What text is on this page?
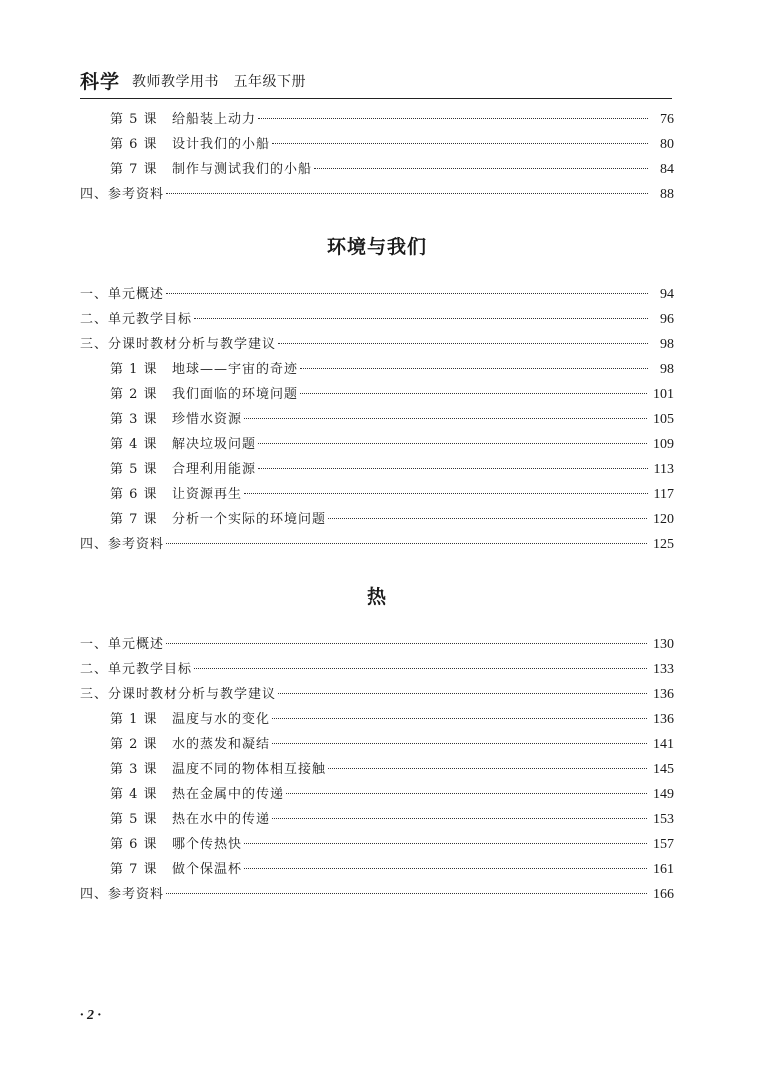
科学 教师教学用书　五年级下册
第 5 课	给船装上动力	76
第 6 课	设计我们的小船	80
第 7 课	制作与测试我们的小船	84
四、参考资料	88
环境与我们
一、单元概述	94
二、单元教学目标	96
三、分课时教材分析与教学建议	98
第 1 课	地球——宇宙的奇迹	98
第 2 课	我们面临的环境问题	101
第 3 课	珍惜水资源	105
第 4 课	解决垃圾问题	109
第 5 课	合理利用能源	113
第 6 课	让资源再生	117
第 7 课	分析一个实际的环境问题	120
四、参考资料	125
热
一、单元概述	130
二、单元教学目标	133
三、分课时教材分析与教学建议	136
第 1 课	温度与水的变化	136
第 2 课	水的蒸发和凝结	141
第 3 课	温度不同的物体相互接触	145
第 4 课	热在金属中的传递	149
第 5 课	热在水中的传递	153
第 6 课	哪个传热快	157
第 7 课	做个保温杯	161
四、参考资料	166
· 2 ·
